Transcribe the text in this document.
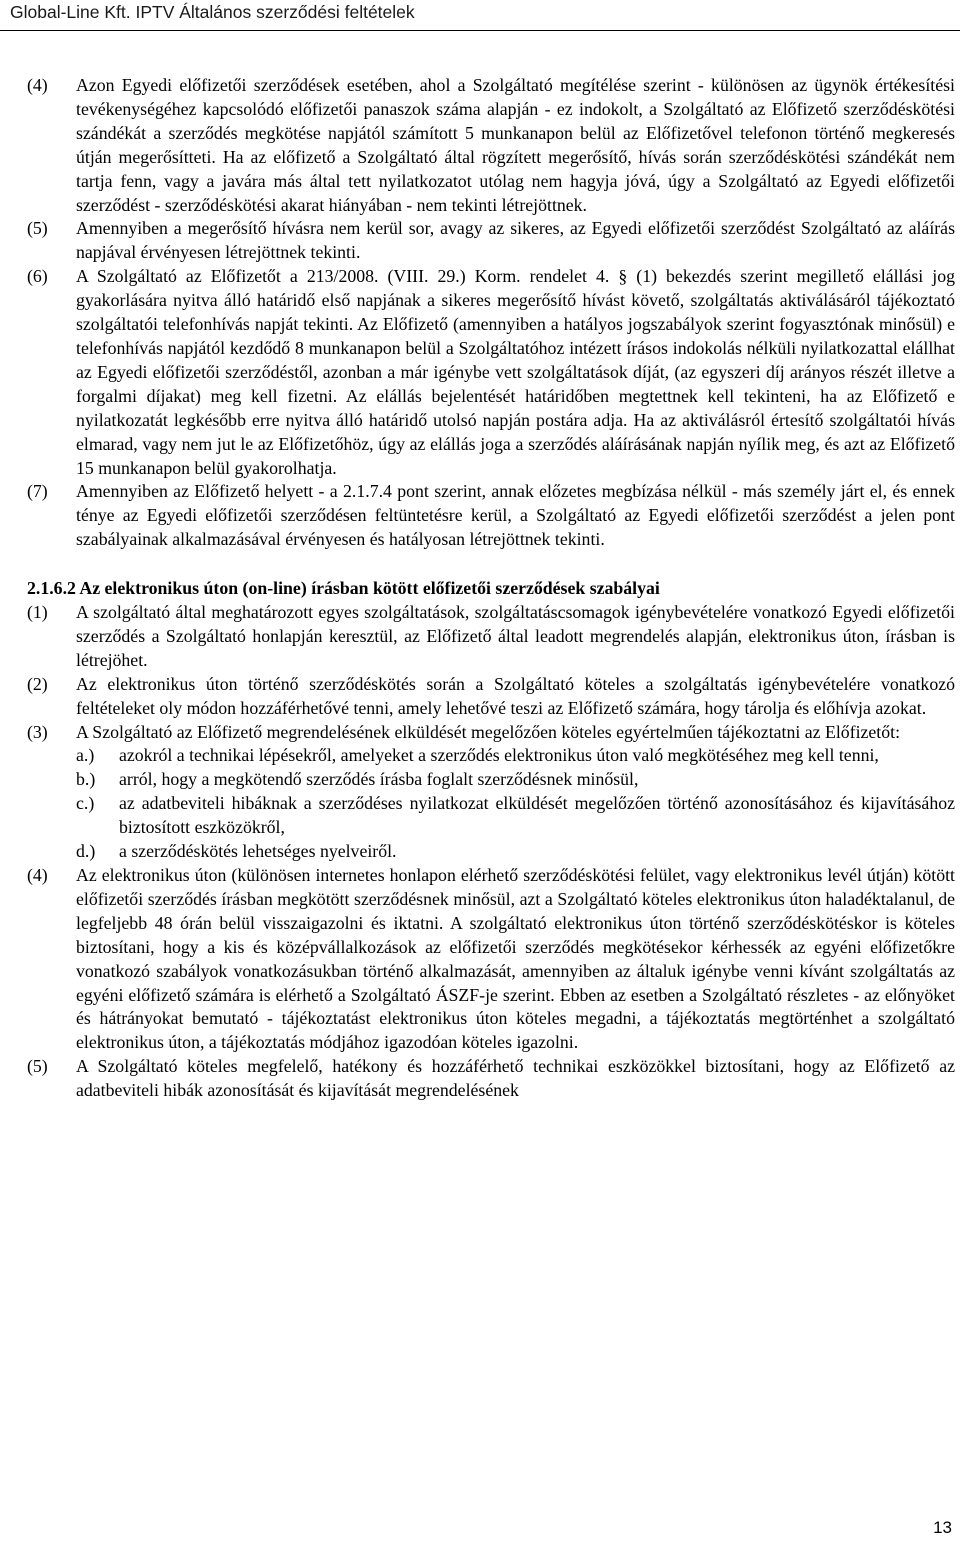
Global-Line Kft. IPTV Általános szerződési feltételek
(4) Azon Egyedi előfizetői szerződések esetében, ahol a Szolgáltató megítélése szerint - különösen az ügynök értékesítési tevékenységéhez kapcsolódó előfizetői panaszok száma alapján - ez indokolt, a Szolgáltató az Előfizető szerződéskötési szándékát a szerződés megkötése napjától számított 5 munkanapon belül az Előfizetővel telefonon történő megkeresés útján megerősítteti. Ha az előfizető a Szolgáltató által rögzített megerősítő, hívás során szerződéskötési szándékát nem tartja fenn, vagy a javára más által tett nyilatkozatot utólag nem hagyja jóvá, úgy a Szolgáltató az Egyedi előfizetői szerződést - szerződéskötési akarat hiányában - nem tekinti létrejöttnek.
(5) Amennyiben a megerősítő hívásra nem kerül sor, avagy az sikeres, az Egyedi előfizetői szerződést Szolgáltató az aláírás napjával érvényesen létrejöttnek tekinti.
(6) A Szolgáltató az Előfizetőt a 213/2008. (VIII. 29.) Korm. rendelet 4. § (1) bekezdés szerint megillető elállási jog gyakorlására nyitva álló határidő első napjának a sikeres megerősítő hívást követő, szolgáltatás aktiválásáról tájékoztató szolgáltatói telefonhívás napját tekinti. Az Előfizető (amennyiben a hatályos jogszabályok szerint fogyasztónak minősül) e telefonhívás napjától kezdődő 8 munkanapon belül a Szolgáltatóhoz intézett írásos indokolás nélküli nyilatkozattal elállhat az Egyedi előfizetői szerződéstől, azonban a már igénybe vett szolgáltatások díját, (az egyszeri díj arányos részét illetve a forgalmi díjakat) meg kell fizetni. Az elállás bejelentését határidőben megtettnek kell tekinteni, ha az Előfizető e nyilatkozatát legkésőbb erre nyitva álló határidő utolsó napján postára adja. Ha az aktiválásról értesítő szolgáltatói hívás elmarad, vagy nem jut le az Előfizetőhöz, úgy az elállás joga a szerződés aláírásának napján nyílik meg, és azt az Előfizető 15 munkanapon belül gyakorolhatja.
(7) Amennyiben az Előfizető helyett - a 2.1.7.4 pont szerint, annak előzetes megbízása nélkül - más személy járt el, és ennek ténye az Egyedi előfizetői szerződésen feltüntetésre kerül, a Szolgáltató az Egyedi előfizetői szerződést a jelen pont szabályainak alkalmazásával érvényesen és hatályosan létrejöttnek tekinti.
2.1.6.2 Az elektronikus úton (on-line) írásban kötött előfizetői szerződések szabályai
(1) A szolgáltató által meghatározott egyes szolgáltatások, szolgáltatáscsomagok igénybevételére vonatkozó Egyedi előfizetői szerződés a Szolgáltató honlapján keresztül, az Előfizető által leadott megrendelés alapján, elektronikus úton, írásban is létrejöhet.
(2) Az elektronikus úton történő szerződéskötés során a Szolgáltató köteles a szolgáltatás igénybevételére vonatkozó feltételeket oly módon hozzáférhetővé tenni, amely lehetővé teszi az Előfizető számára, hogy tárolja és előhívja azokat.
(3) A Szolgáltató az Előfizető megrendelésének elküldését megelőzően köteles egyértelműen tájékoztatni az Előfizetőt:
a.) azokról a technikai lépésekről, amelyeket a szerződés elektronikus úton való megkötéséhez meg kell tenni,
b.) arról, hogy a megkötendő szerződés írásba foglalt szerződésnek minősül,
c.) az adatbeviteli hibáknak a szerződéses nyilatkozat elküldését megelőzően történő azonosításához és kijavításához biztosított eszközökről,
d.) a szerződéskötés lehetséges nyelveiről.
(4) Az elektronikus úton (különösen internetes honlapon elérhető szerződéskötési felület, vagy elektronikus levél útján) kötött előfizetői szerződés írásban megkötött szerződésnek minősül, azt a Szolgáltató köteles elektronikus úton haladéktalanul, de legfeljebb 48 órán belül visszaigazolni és iktatni. A szolgáltató elektronikus úton történő szerződéskötéskor is köteles biztosítani, hogy a kis és középvállalkozások az előfizetői szerződés megkötésekor kérhessék az egyéni előfizetőkre vonatkozó szabályok vonatkozásukban történő alkalmazását, amennyiben az általuk igénybe venni kívánt szolgáltatás az egyéni előfizető számára is elérhető a Szolgáltató ÁSZF-je szerint. Ebben az esetben a Szolgáltató részletes - az előnyöket és hátrányokat bemutató - tájékoztatást elektronikus úton köteles megadni, a tájékoztatás megtörténhet a szolgáltató elektronikus úton, a tájékoztatás módjához igazodóan köteles igazolni.
(5) A Szolgáltató köteles megfelelő, hatékony és hozzáférhető technikai eszközökkel biztosítani, hogy az Előfizető az adatbeviteli hibák azonosítását és kijavítását megrendelésének
13
